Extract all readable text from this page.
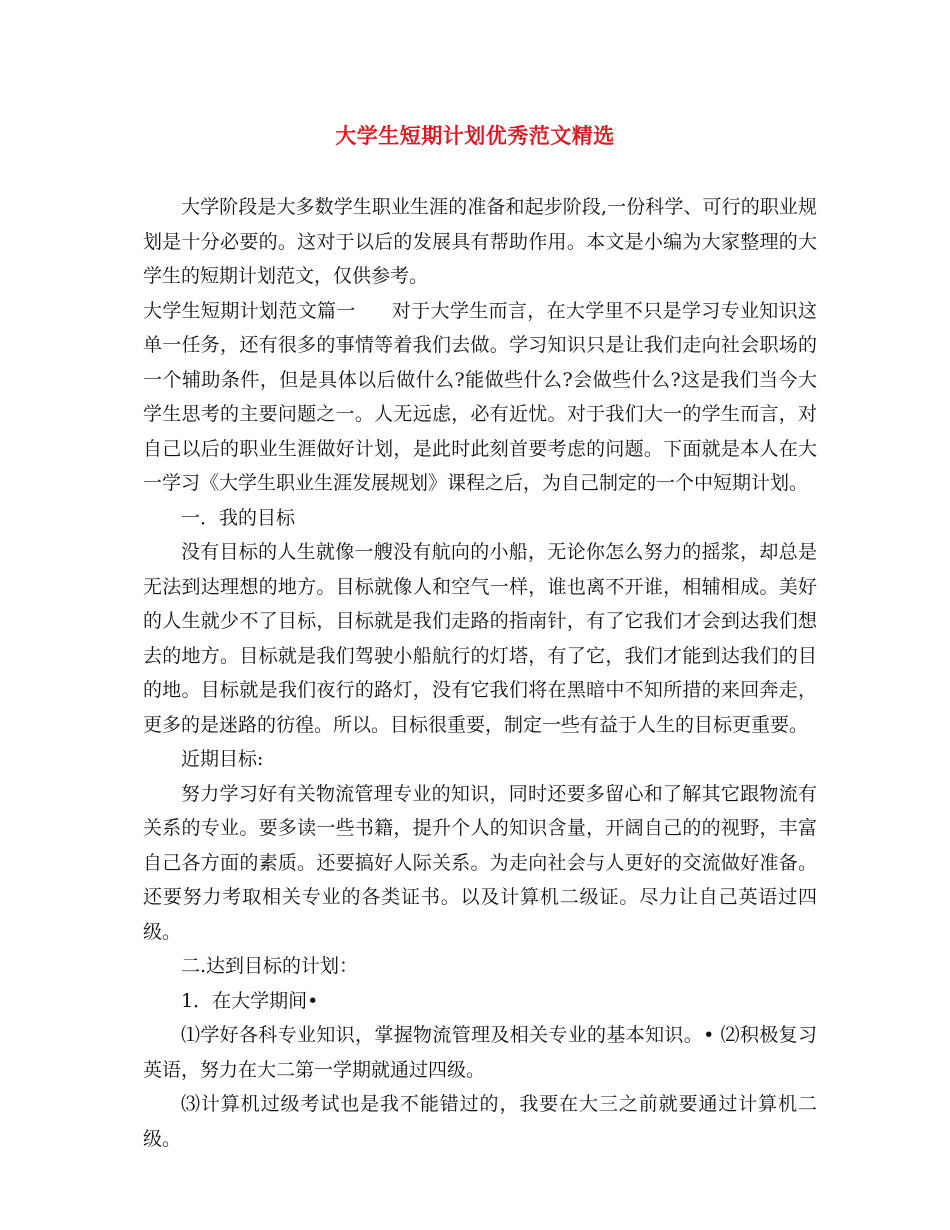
大学生短期计划优秀范文精选

大学阶段是大多数学生职业生涯的准备和起步阶段,一份科学、可行的职业规划是十分必要的。这对于以后的发展具有帮助作用。本文是小编为大家整理的大学生的短期计划范文，仅供参考。

大学生短期计划范文篇一 对于大学生而言，在大学里不只是学习专业知识这单一任务，还有很多的事情等着我们去做。学习知识只是让我们走向社会职场的一个辅助条件，但是具体以后做什么?能做些什么?会做些什么?这是我们当今大学生思考的主要问题之一。人无远虑，必有近忧。对于我们大一的学生而言，对自己以后的职业生涯做好计划，是此时此刻首要考虑的问题。下面就是本人在大一学习《大学生职业生涯发展规划》课程之后，为自己制定的一个中短期计划。

一．我的目标

没有目标的人生就像一艘没有航向的小船，无论你怎么努力的摇浆，却总是无法到达理想的地方。目标就像人和空气一样，谁也离不开谁，相辅相成。美好的人生就少不了目标，目标就是我们走路的指南针，有了它我们才会到达我们想去的地方。目标就是我们驾驶小船航行的灯塔，有了它，我们才能到达我们的目的地。目标就是我们夜行的路灯，没有它我们将在黑暗中不知所措的来回奔走，更多的是迷路的彷徨。所以。目标很重要，制定一些有益于人生的目标更重要。

近期目标:

努力学习好有关物流管理专业的知识，同时还要多留心和了解其它跟物流有关系的专业。要多读一些书籍，提升个人的知识含量，开阔自己的的视野，丰富自己各方面的素质。还要搞好人际关系。为走向社会与人更好的交流做好准备。 还要努力考取相关专业的各类证书。以及计算机二级证。尽力让自己英语过四级。

二.达到目标的计划：

1．在大学期间•

⑴学好各科专业知识，掌握物流管理及相关专业的基本知识。• ⑵积极复习英语，努力在大二第一学期就通过四级。

⑶计算机过级考试也是我不能错过的，我要在大三之前就要通过计算机二级。
